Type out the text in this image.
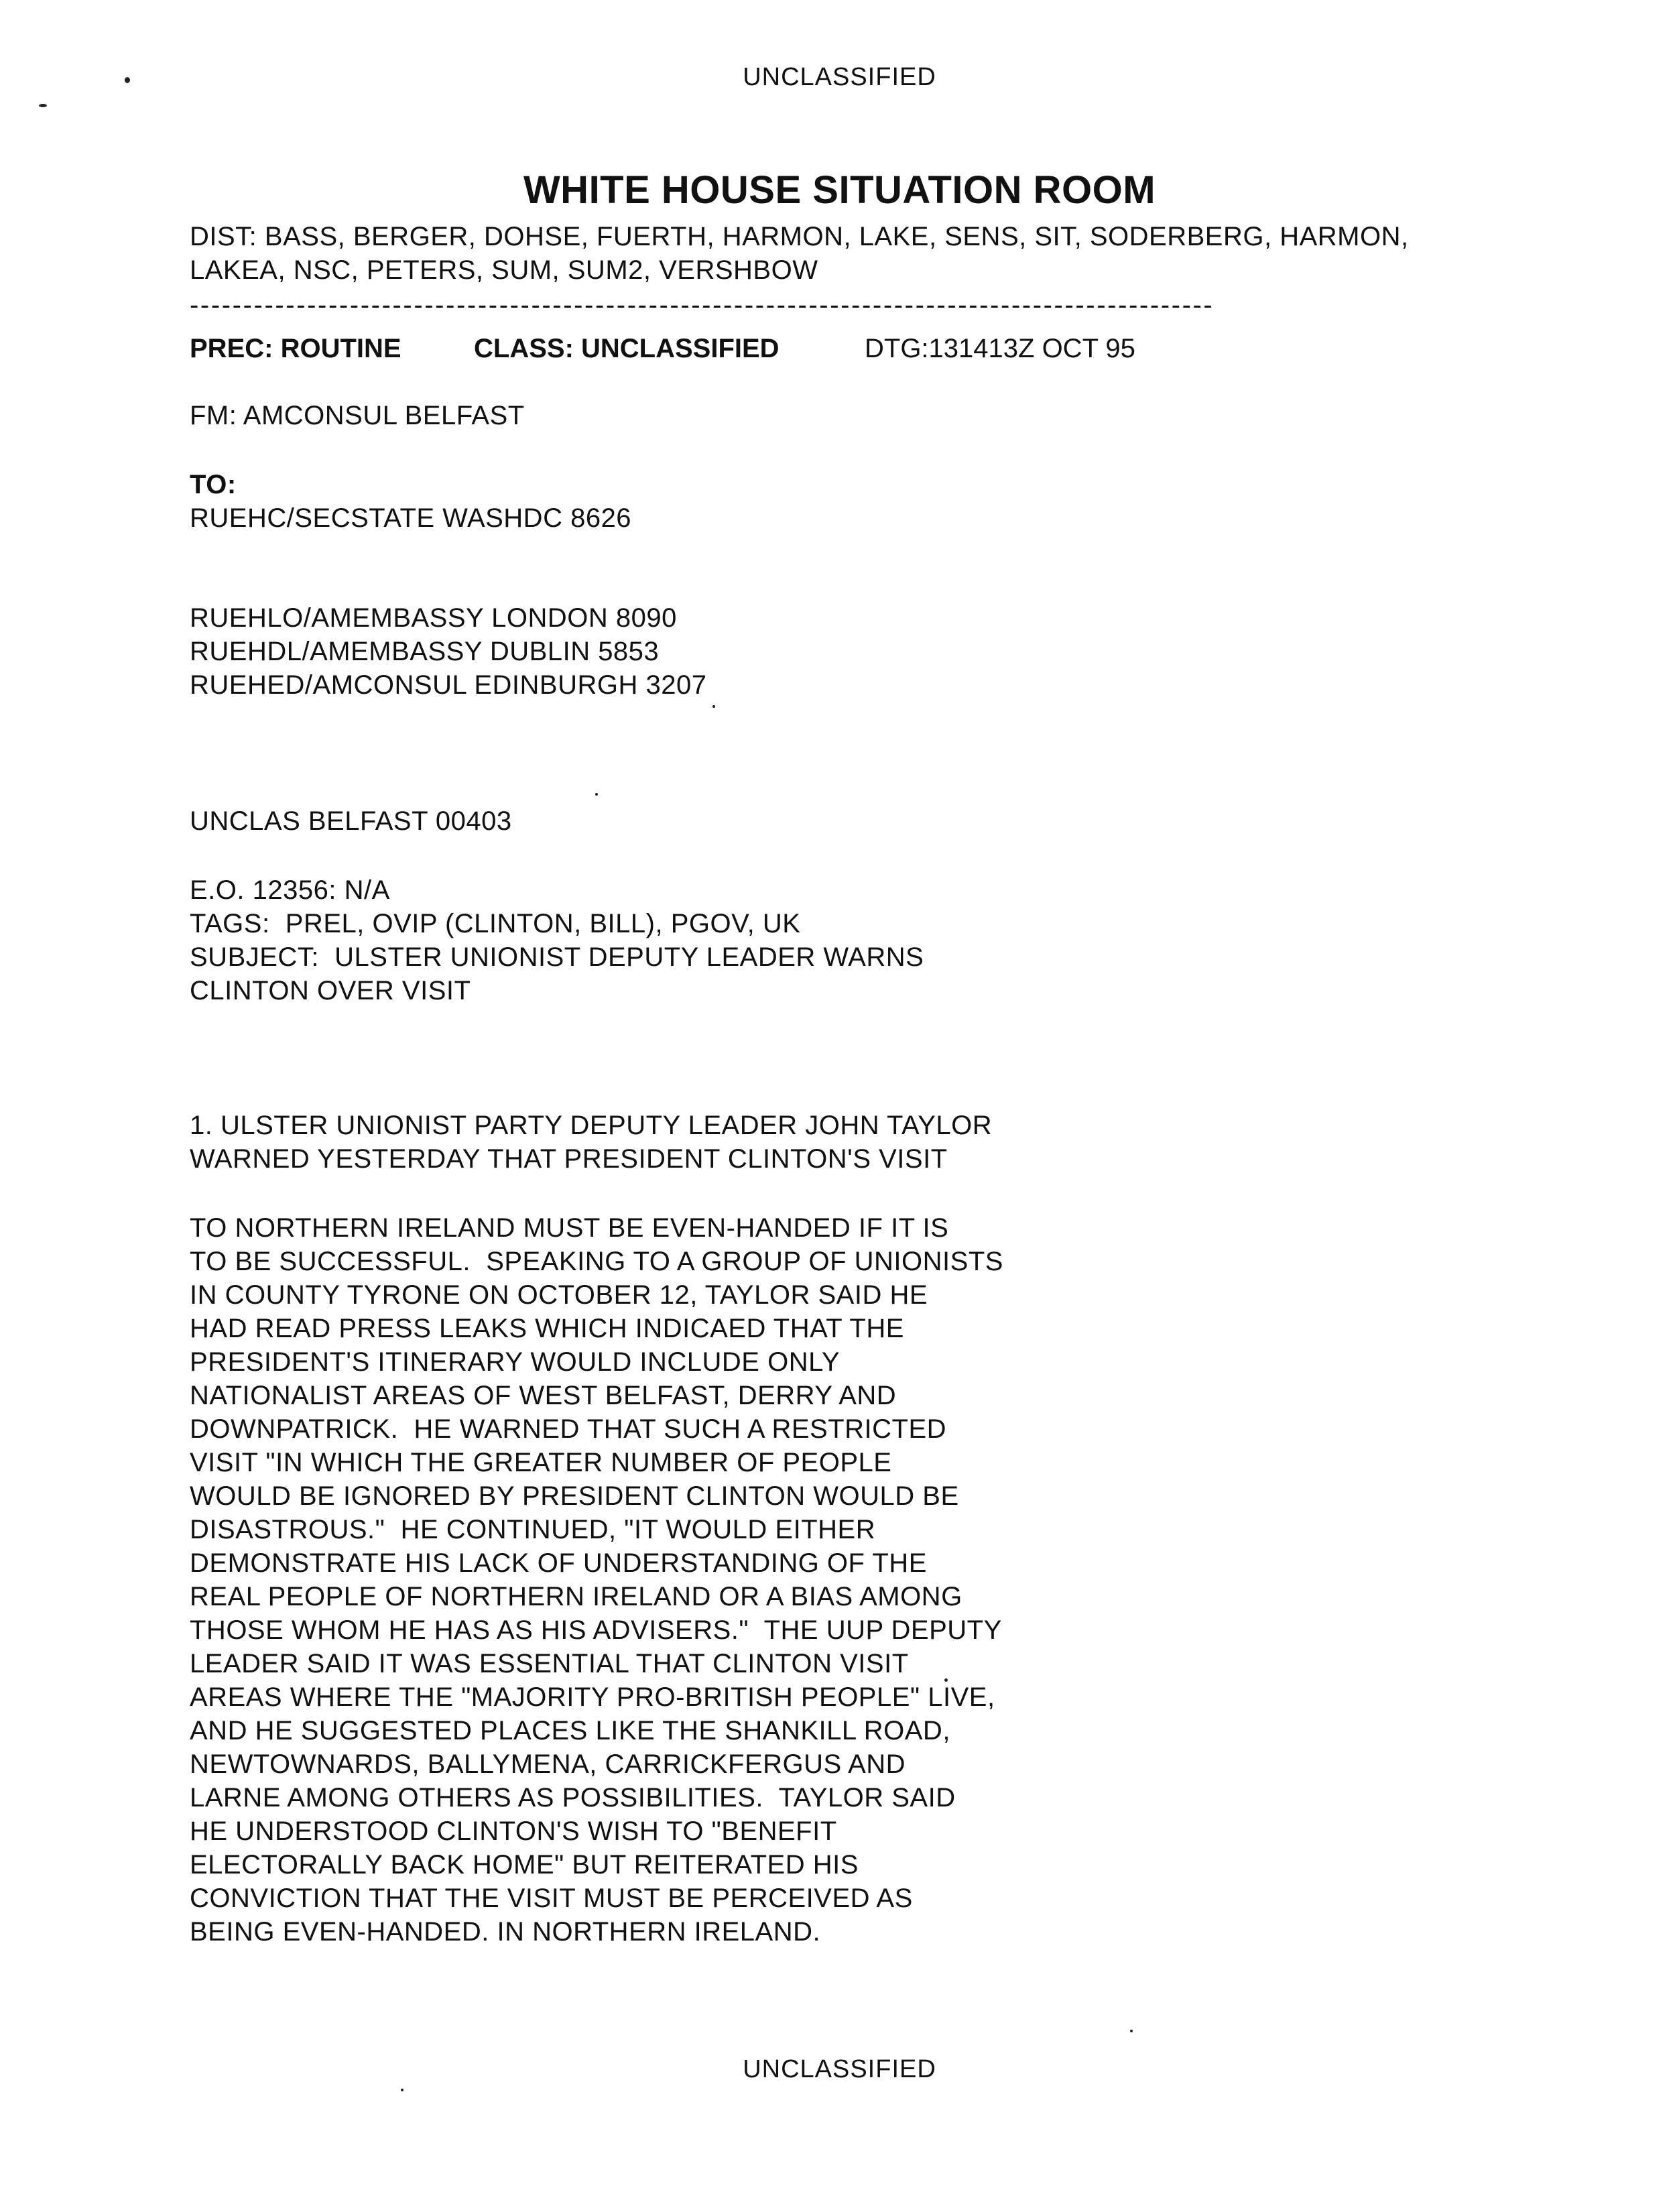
UNCLASSIFIED
WHITE HOUSE SITUATION ROOM
DIST: BASS, BERGER, DOHSE, FUERTH, HARMON, LAKE, SENS, SIT, SODERBERG, HARMON,
LAKEA, NSC, PETERS, SUM, SUM2, VERSHBOW
------------------------------------------------------------------------------------------------
PREC: ROUTINE	CLASS: UNCLASSIFIED	DTG:131413Z OCT 95
FM: AMCONSUL BELFAST
TO:
RUEHC/SECSTATE WASHDC 8626
RUEHLO/AMEMBASSY LONDON 8090
RUEHDL/AMEMBASSY DUBLIN 5853
RUEHED/AMCONSUL EDINBURGH 3207
UNCLAS BELFAST 00403
E.O. 12356: N/A
TAGS:  PREL, OVIP (CLINTON, BILL), PGOV, UK
SUBJECT:  ULSTER UNIONIST DEPUTY LEADER WARNS
CLINTON OVER VISIT
1. ULSTER UNIONIST PARTY DEPUTY LEADER JOHN TAYLOR
WARNED YESTERDAY THAT PRESIDENT CLINTON'S VISIT
TO NORTHERN IRELAND MUST BE EVEN-HANDED IF IT IS
TO BE SUCCESSFUL.  SPEAKING TO A GROUP OF UNIONISTS
IN COUNTY TYRONE ON OCTOBER 12, TAYLOR SAID HE
HAD READ PRESS LEAKS WHICH INDICAED THAT THE
PRESIDENT'S ITINERARY WOULD INCLUDE ONLY
NATIONALIST AREAS OF WEST BELFAST, DERRY AND
DOWNPATRICK.  HE WARNED THAT SUCH A RESTRICTED
VISIT "IN WHICH THE GREATER NUMBER OF PEOPLE
WOULD BE IGNORED BY PRESIDENT CLINTON WOULD BE
DISASTROUS."  HE CONTINUED, "IT WOULD EITHER
DEMONSTRATE HIS LACK OF UNDERSTANDING OF THE
REAL PEOPLE OF NORTHERN IRELAND OR A BIAS AMONG
THOSE WHOM HE HAS AS HIS ADVISERS."  THE UUP DEPUTY
LEADER SAID IT WAS ESSENTIAL THAT CLINTON VISIT
AREAS WHERE THE "MAJORITY PRO-BRITISH PEOPLE" LIVE,
AND HE SUGGESTED PLACES LIKE THE SHANKILL ROAD,
NEWTOWNARDS, BALLYMENA, CARRICKFERGUS AND
LARNE AMONG OTHERS AS POSSIBILITIES.  TAYLOR SAID
HE UNDERSTOOD CLINTON'S WISH TO "BENEFIT
ELECTORALLY BACK HOME" BUT REITERATED HIS
CONVICTION THAT THE VISIT MUST BE PERCEIVED AS
BEING EVEN-HANDED. IN NORTHERN IRELAND.
UNCLASSIFIED
